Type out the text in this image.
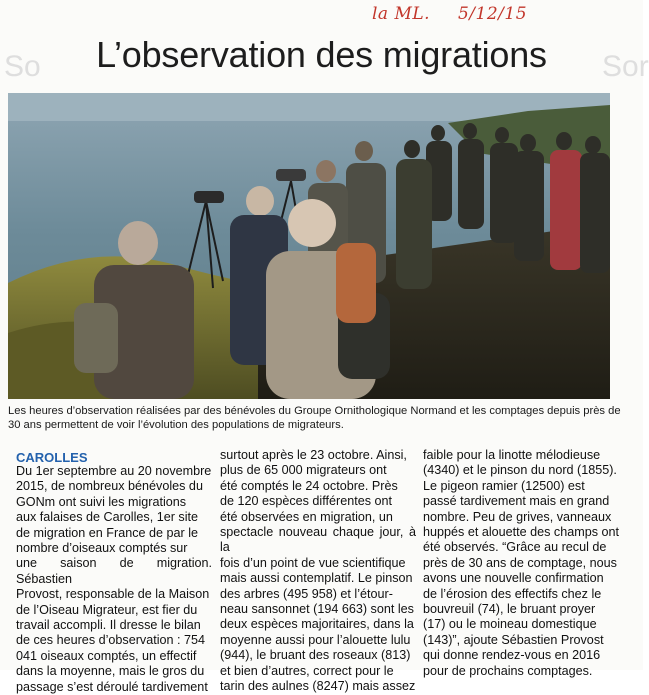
la ML. 5/12/15
So	Sor
L’observation des migrations
Les heures d’observation réalisées par des bénévoles du Groupe Ornithologique Normand et les comptages depuis près de 30 ans permettent de voir l’évolution des populations de migrateurs.
CAROLLES

Du 1er septembre au 20 novembre
2015, de nombreux bénévoles du
GONm ont suivi les migrations
aux falaises de Carolles, 1er site
de migration en France de par le
nombre d’oiseaux comptés sur
une saison de migration. Sébastien
Provost, responsable de la Maison
de l’Oiseau Migrateur, est fier du
travail accompli. Il dresse le bilan
de ces heures d’observation : 754
041 oiseaux comptés, un effectif
dans la moyenne, mais le gros du
passage s’est déroulé tardivement

surtout après le 23 octobre. Ainsi,
plus de 65 000 migrateurs ont
été comptés le 24 octobre. Près
de 120 espèces différentes ont
été observées en migration, un
spectacle nouveau chaque jour, à la
fois d’un point de vue scientifique
mais aussi contemplatif. Le pinson
des arbres (495 958) et l’étour-
neau sansonnet (194 663) sont les
deux espèces majoritaires, dans la
moyenne aussi pour l’alouette lulu
(944), le bruant des roseaux (813)
et bien d’autres, correct pour le
tarin des aulnes (8247) mais assez

faible pour la linotte mélodieuse
(4340) et le pinson du nord (1855).
Le pigeon ramier (12500) est
passé tardivement mais en grand
nombre. Peu de grives, vanneaux
huppés et alouette des champs ont
été observés. “Grâce au recul de
près de 30 ans de comptage, nous
avons une nouvelle confirmation
de l’érosion des effectifs chez le
bouvreuil (74), le bruant proyer
(17) ou le moineau domestique
(143)”, ajoute Sébastien Provost
qui donne rendez-vous en 2016
pour de prochains comptages.
